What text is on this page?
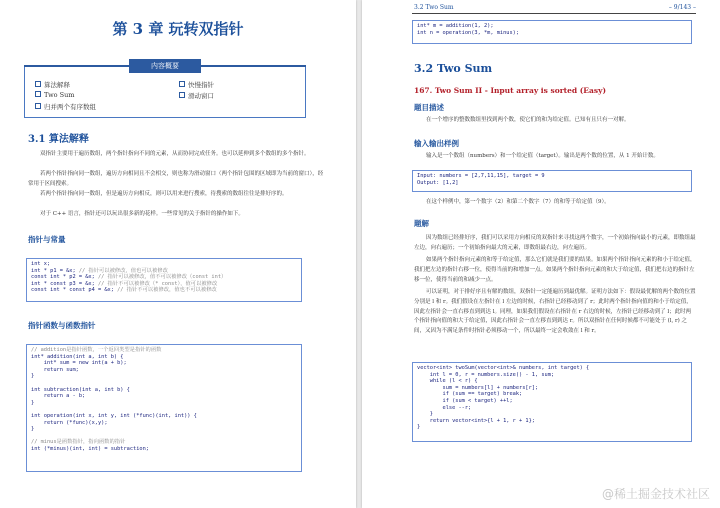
第 3 章 玩转双指针
内容概要
算法解释	快慢指针
Two Sum	滑动窗口
归并两个有序数组
3.1 算法解释
双指针主要用于遍历数组，两个指针指向不同的元素，从而协同完成任务。也可以延伸到多个数组的多个指针。
若两个指针指向同一数组，遍历方向相同且不会相交，则也称为滑动窗口（两个指针包围的区域即为当前的窗口），经常用于区间搜索。
若两个指针指向同一数组，但是遍历方向相反，则可以用来进行搜索，待搜索的数组往往是排好序的。
对于 C++ 语言，指针还可以玩出很多新的花样。一些常见的关于指针的操作如下。
指针与常量
int x;
int * p1 = &x; // 指针可以被修改，值也可以被修改
const int * p2 = &x; // 指针可以被修改，值不可以被修改（const int）
int * const p3 = &x; // 指针不可以被修改（* const），值可以被修改
const int * const p4 = &x; // 指针不可以被修改，值也不可以被修改
指针函数与函数指针
// addition是指针函数，一个返回类型是指针的函数
int* addition(int a, int b) {
int* sum = new int(a + b);
return sum;
}

int subtraction(int a, int b) {
return a - b;
}

int operation(int x, int y, int (*func)(int, int)) {
return (*func)(x,y);
}

// minus是函数指针，指向函数的指针
int (*minus)(int, int) = subtraction;
3.2 Two Sum	– 9/143 –
int* m = addition(1, 2);
int n = operation(3, *m, minus);
3.2 Two Sum
167. Two Sum II - Input array is sorted (Easy)
题目描述
在一个增序的整数数组里找到两个数，使它们的和为给定值。已知有且只有一对解。
输入输出样例
输入是一个数组（numbers）和一个给定值（target）。输出是两个数的位置，从 1 开始计数。
Input: numbers = [2,7,11,15], target = 9
Output: [1,2]
在这个样例中，第一个数字（2）和第二个数字（7）的和等于给定值（9）。
题解
因为数组已经排好序，我们可以采用方向相反的双指针来寻找这两个数字，一个初始指向最小的元素，即数组最左边，向右遍历；一个初始指向最大的元素，即数组最右边，向左遍历。
如果两个指针指向元素的和等于给定值，那么它们就是我们要的结果。如果两个指针指向元素的和小于给定值，我们把左边的指针右移一位，使得当前的和增加一点。如果两个指针指向元素的和大于给定值，我们把右边的指针左移一位，使得当前的和减少一点。
可以证明，对于排好序且有解的数组，双指针一定能遍历到最优解。证明方法如下：假设最优解的两个数的位置分别是 l 和 r。我们假设在左指针在 l 左边的时候，右指针已经移动到了 r；此时两个指针指向值的和小于给定值，因此左指针会一直右移直到到达 l。同理，如果我们假设在右指针在 r 右边的时候，左指针已经移动到了 l；此时两个指针指向值的和大于给定值，因此右指针会一直左移直到到达 r。所以双指针在任何时候都不可能处于 (l, r) 之间，又因为不满足条件时指针必须移动一个，所以最终一定会收敛在 l 和 r。
vector<int> twoSum(vector<int>& numbers, int target) {
int l = 0, r = numbers.size() - 1, sum;
while (l < r) {
sum = numbers[l] + numbers[r];
if (sum == target) break;
if (sum < target) ++l;
else --r;
}
return vector<int>{l + 1, r + 1};
}
@稀土掘金技术社区
